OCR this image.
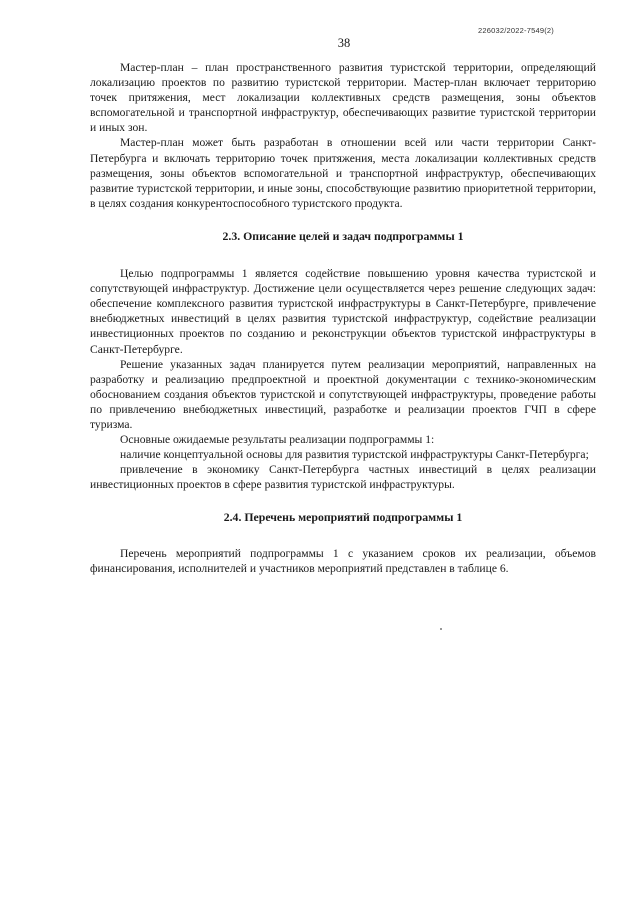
226032/2022-7549(2)
38

Мастер-план – план пространственного развития туристской территории, определяющий локализацию проектов по развитию туристской территории. Мастер-план включает территорию точек притяжения, мест локализации коллективных средств размещения, зоны объектов вспомогательной и транспортной инфраструктур, обеспечивающих развитие туристской территории и иных зон.

Мастер-план может быть разработан в отношении всей или части территории Санкт-Петербурга и включать территорию точек притяжения, места локализации коллективных средств размещения, зоны объектов вспомогательной и транспортной инфраструктур, обеспечивающих развитие туристской территории, и иные зоны, способствующие развитию приоритетной территории, в целях создания конкурентоспособного туристского продукта.

2.3. Описание целей и задач подпрограммы 1

Целью подпрограммы 1 является содействие повышению уровня качества туристской и сопутствующей инфраструктур. Достижение цели осуществляется через решение следующих задач: обеспечение комплексного развития туристской инфраструктуры в Санкт-Петербурге, привлечение внебюджетных инвестиций в целях развития туристской инфраструктур, содействие реализации инвестиционных проектов по созданию и реконструкции объектов туристской инфраструктуры в Санкт-Петербурге.

Решение указанных задач планируется путем реализации мероприятий, направленных на разработку и реализацию предпроектной и проектной документации с технико-экономическим обоснованием создания объектов туристской и сопутствующей инфраструктуры, проведение работы по привлечению внебюджетных инвестиций, разработке и реализации проектов ГЧП в сфере туризма.

Основные ожидаемые результаты реализации подпрограммы 1:

наличие концептуальной основы для развития туристской инфраструктуры Санкт-Петербурга;

привлечение в экономику Санкт-Петербурга частных инвестиций в целях реализации инвестиционных проектов в сфере развития туристской инфраструктуры.

2.4. Перечень мероприятий подпрограммы 1

Перечень мероприятий подпрограммы 1 с указанием сроков их реализации, объемов финансирования, исполнителей и участников мероприятий представлен в таблице 6.
